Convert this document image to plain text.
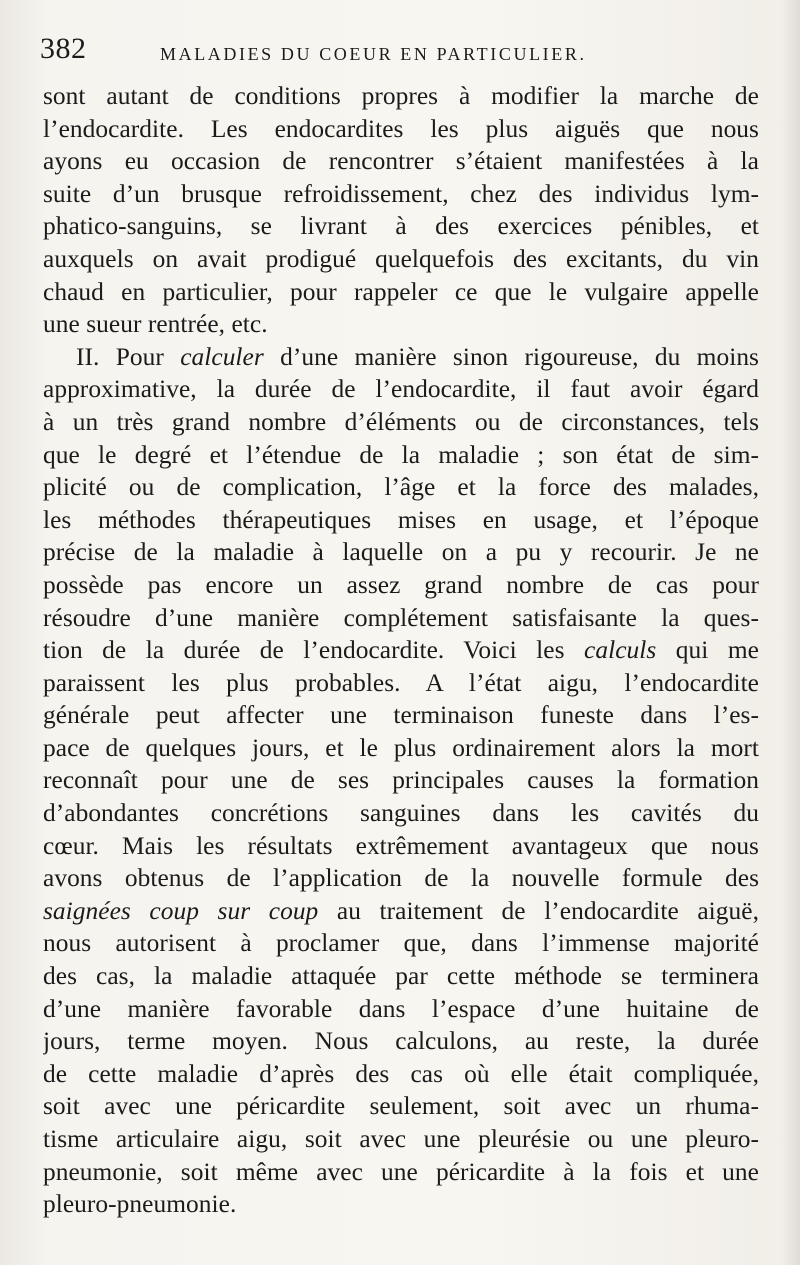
382	MALADIES DU COEUR EN PARTICULIER.
sont autant de conditions propres à modifier la marche de
l’endocardite. Les endocardites les plus aiguës que nous
ayons eu occasion de rencontrer s’étaient manifestées à la
suite d’un brusque refroidissement, chez des individus lym-
phatico-sanguins, se livrant à des exercices pénibles, et
auxquels on avait prodigué quelquefois des excitants, du vin
chaud en particulier, pour rappeler ce que le vulgaire appelle
une sueur rentrée, etc.
II. Pour calculer d’une manière sinon rigoureuse, du moins
approximative, la durée de l’endocardite, il faut avoir égard
à un très grand nombre d’éléments ou de circonstances, tels
que le degré et l’étendue de la maladie ; son état de sim-
plicité ou de complication, l’âge et la force des malades,
les méthodes thérapeutiques mises en usage, et l’époque
précise de la maladie à laquelle on a pu y recourir. Je ne
possède pas encore un assez grand nombre de cas pour
résoudre d’une manière complétement satisfaisante la ques-
tion de la durée de l’endocardite. Voici les calculs qui me
paraissent les plus probables. A l’état aigu, l’endocardite
générale peut affecter une terminaison funeste dans l’es-
pace de quelques jours, et le plus ordinairement alors la mort
reconnaît pour une de ses principales causes la formation
d’abondantes concrétions sanguines dans les cavités du
cœur. Mais les résultats extrêmement avantageux que nous
avons obtenus de l’application de la nouvelle formule des
saignées coup sur coup au traitement de l’endocardite aiguë,
nous autorisent à proclamer que, dans l’immense majorité
des cas, la maladie attaquée par cette méthode se terminera
d’une manière favorable dans l’espace d’une huitaine de
jours, terme moyen. Nous calculons, au reste, la durée
de cette maladie d’après des cas où elle était compliquée,
soit avec une péricardite seulement, soit avec un rhuma-
tisme articulaire aigu, soit avec une pleurésie ou une pleuro-
pneumonie, soit même avec une péricardite à la fois et une
pleuro-pneumonie.
